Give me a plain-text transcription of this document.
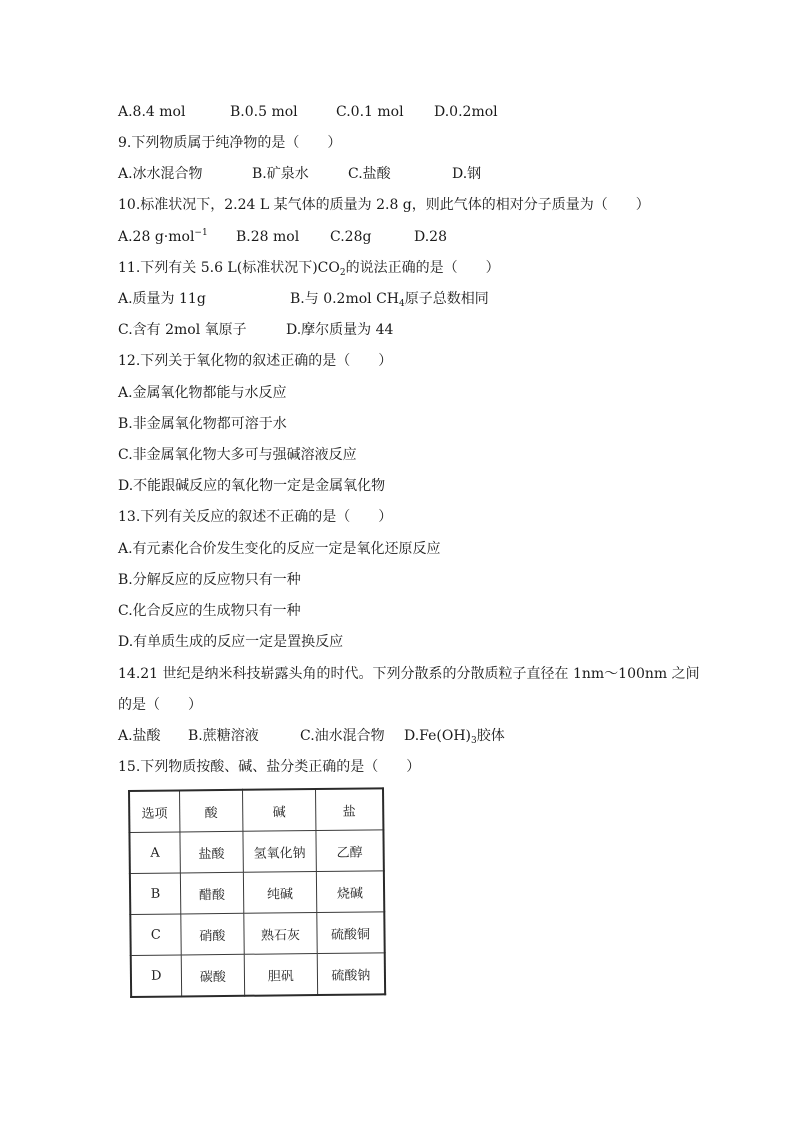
A.8.4 mol	B.0.5 mol	C.0.1 mol D.0.2mol
9.下列物质属于纯净物的是（　　）
A.冰水混合物	B.矿泉水	C.盐酸	D.钢
10.标准状况下，2.24 L 某气体的质量为 2.8 g，则此气体的相对分子质量为（　　）
A.28 g·mol$^{-1}$ B.28 mol C.28g	D.28
11.下列有关 5.6 L(标准状况下)$CO_2$的说法正确的是（　　）
A.质量为 11g	B.与 0.2mol $CH_4$原子总数相同
C.含有 2mol 氧原子	D.摩尔质量为 44
12.下列关于氧化物的叙述正确的是（　　）
A.金属氧化物都能与水反应
B.非金属氧化物都可溶于水
C.非金属氧化物大多可与强碱溶液反应
D.不能跟碱反应的氧化物一定是金属氧化物
13.下列有关反应的叙述不正确的是（　　）
A.有元素化合价发生变化的反应一定是氧化还原反应
B.分解反应的反应物只有一种
C.化合反应的生成物只有一种
D.有单质生成的反应一定是置换反应
14.21 世纪是纳米科技崭露头角的时代。下列分散系的分散质粒子直径在 1nm～100nm 之间
的是（　　）
A.盐酸 B.蔗糖溶液	C.油水混合物 $D.Fe(OH)_3$胶体
15.下列物质按酸、碱、盐分类正确的是（　　）
选项	酸	碱	盐
A	盐酸	氢氧化钠	乙醇
B	醋酸	纯碱	烧碱
C	硝酸	熟石灰	硫酸铜
D	碳酸	胆矾	硫酸钠
